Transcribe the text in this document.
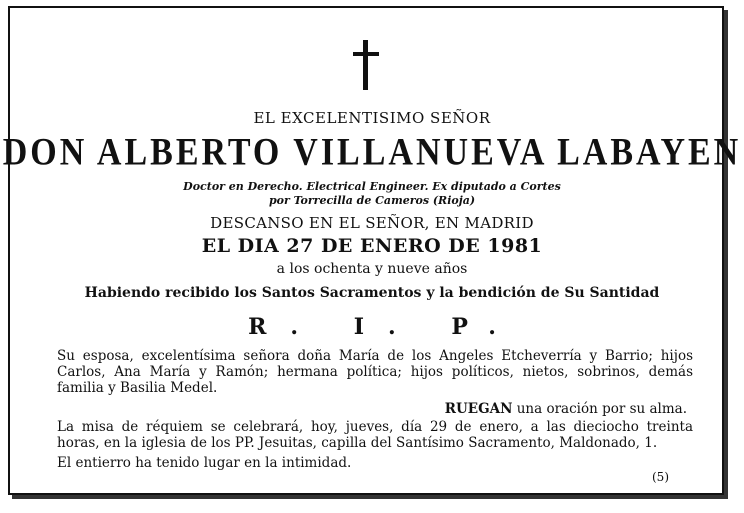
EL EXCELENTISIMO SEÑOR
DON ALBERTO VILLANUEVA LABAYEN
Doctor en Derecho. Electrical Engineer. Ex diputado a Cortes
por Torrecilla de Cameros (Rioja)
DESCANSO EN EL SEÑOR, EN MADRID
EL DIA 27 DE ENERO DE 1981
a los ochenta y nueve años
Habiendo recibido los Santos Sacramentos y la bendición de Su Santidad
R. I. P.
Su esposa, excelentísima señora doña María de los Angeles Etcheverría y Barrio; hijos
Carlos, Ana María y Ramón; hermana política; hijos políticos, nietos, sobrinos, demás
familia y Basilia Medel.
RUEGAN una oración por su alma.
La misa de réquiem se celebrará, hoy, jueves, día 29 de enero, a las dieciocho treinta
horas, en la iglesia de los PP. Jesuitas, capilla del Santísimo Sacramento, Maldonado, 1.
El entierro ha tenido lugar en la intimidad.
(5)
